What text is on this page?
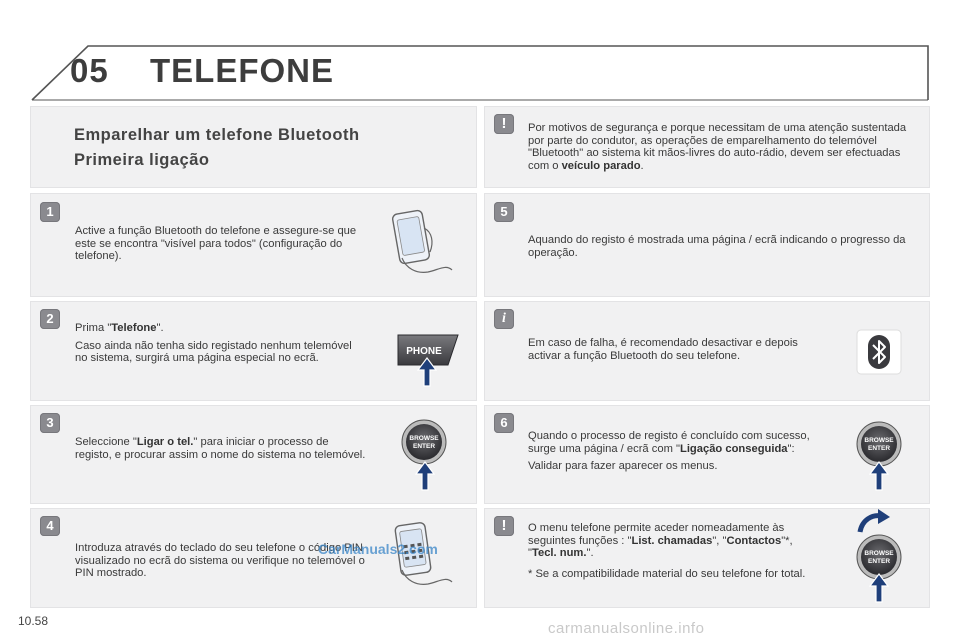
05 TELEFONE
Emparelhar um telefone Bluetooth
Primeira ligação
!	Por motivos de segurança e porque necessitam de uma atenção sustentada por parte do condutor, as operações de emparelhamento do telemóvel "Bluetooth" ao sistema kit mãos-livres do auto-rádio, devem ser efectuadas com o veículo parado.
1
Active a função Bluetooth do telefone e assegure-se que este se encontra "visível para todos" (configuração do telefone).
2

Prima "Telefone".

Caso ainda não tenha sido registado nenhum telemóvel no sistema, surgirá uma página especial no ecrã.

PHONE
3
Seleccione "Ligar o tel." para iniciar o processo de registo, e procurar assim o nome do sistema no telemóvel.
BROWSE
ENTER
4
Introduza através do teclado do seu telefone o código PIN visualizado no ecrã do sistema ou verifique no telemóvel o PIN mostrado.
CarManuals2.com
5
Aquando do registo é mostrada uma página / ecrã indicando o progresso da operação.
i
Em caso de falha, é recomendado desactivar e depois activar a função Bluetooth do seu telefone.
6

Quando o processo de registo é concluído com sucesso, surge uma página / ecrã com "Ligação conseguida":

Validar para fazer aparecer os menus.

BROWSE
ENTER
!	O menu telefone permite aceder nomeadamente às seguintes funções : "List. chamadas", "Contactos"*, "Tecl. num.".

* Se a compatibilidade material do seu telefone for total.

BROWSE
ENTER
10.58	carmanualsonline.info
